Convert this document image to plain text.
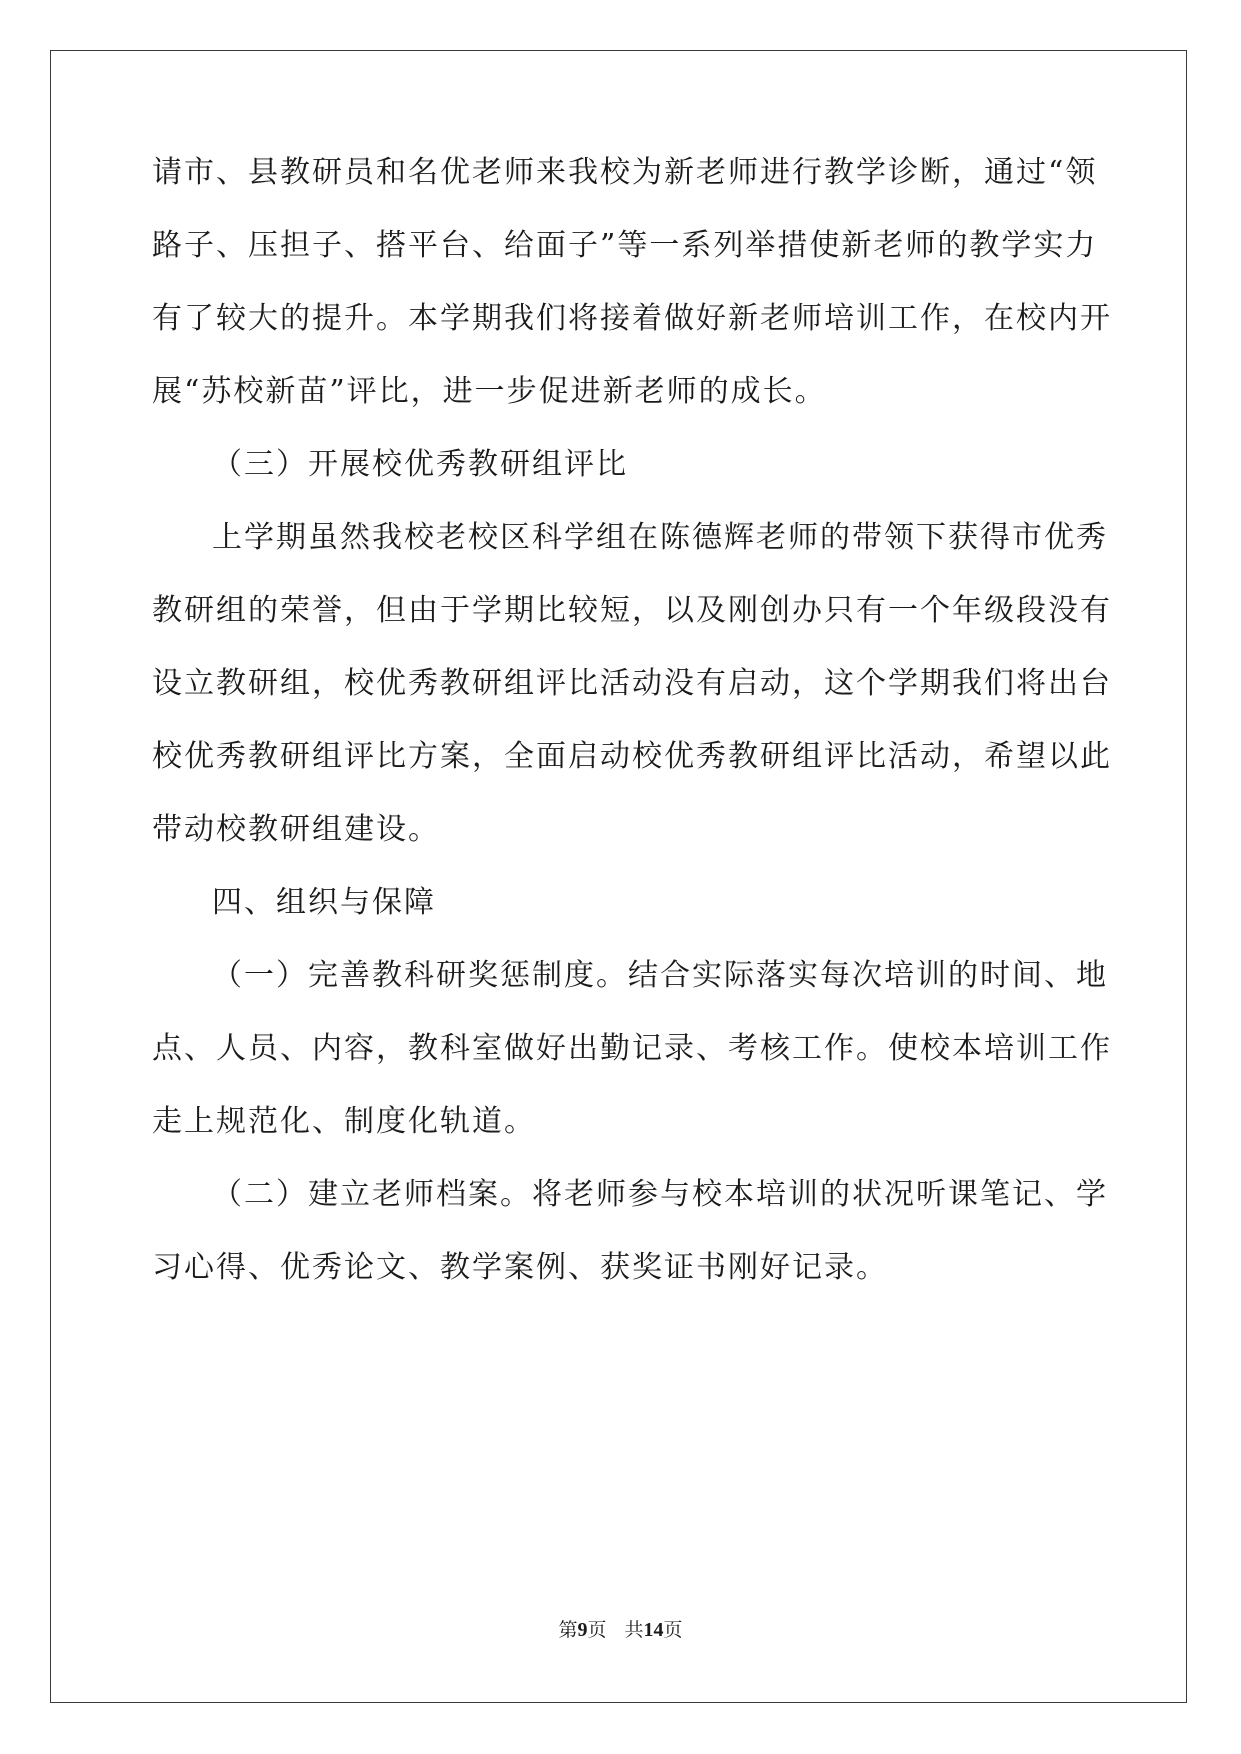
请市、县教研员和名优老师来我校为新老师进行教学诊断，通过“领
路子、压担子、搭平台、给面子”等一系列举措使新老师的教学实力
有了较大的提升。本学期我们将接着做好新老师培训工作，在校内开
展“苏校新苗”评比，进一步促进新老师的成长。
（三）开展校优秀教研组评比
上学期虽然我校老校区科学组在陈德辉老师的带领下获得市优秀
教研组的荣誉，但由于学期比较短，以及刚创办只有一个年级段没有
设立教研组，校优秀教研组评比活动没有启动，这个学期我们将出台
校优秀教研组评比方案，全面启动校优秀教研组评比活动，希望以此
带动校教研组建设。
四、组织与保障
（一）完善教科研奖惩制度。结合实际落实每次培训的时间、地
点、人员、内容，教科室做好出勤记录、考核工作。使校本培训工作
走上规范化、制度化轨道。
（二）建立老师档案。将老师参与校本培训的状况听课笔记、学
习心得、优秀论文、教学案例、获奖证书刚好记录。
第9页 共14页
